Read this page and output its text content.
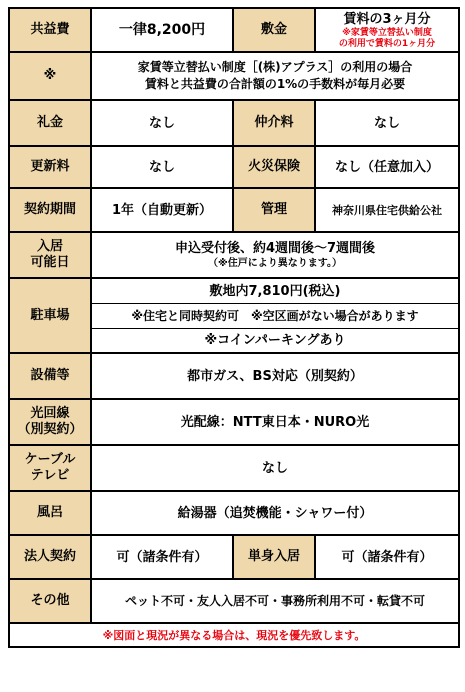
共益費	一律8,200円	敷金	賃料の3ヶ月分
※家賃等立替払い制度
の利用で賃料の1ヶ月分

※	家賃等立替払い制度［(株)アプラス］の利用の場合
賃料と共益費の合計額の1%の手数料が毎月必要		

礼金	なし	仲介料	なし
更新料	なし	火災保険	なし（任意加入）
契約期間	1年（自動更新）	管理	神奈川県住宅供給公社

入居
可能日	申込受付後、約4週間後～7週間後
（※住戸により異なります。）		

駐車場	敷地内7,810円(税込)
※住宅と同時契約可　※空区画がない場合があります
※コインパーキングあり		

設備等	都市ガス、BS対応（別契約）		

光回線
（別契約）	光配線：NTT東日本・NURO光		

ケーブル
テレビ	なし		
風呂	給湯器（追焚機能・シャワー付）		
法人契約	可（諸条件有）	単身入居	可（諸条件有）
その他	ペット不可・友人入居不可・事務所利用不可・転貸不可		
※図面と現況が異なる場合は、現況を優先致します。			
